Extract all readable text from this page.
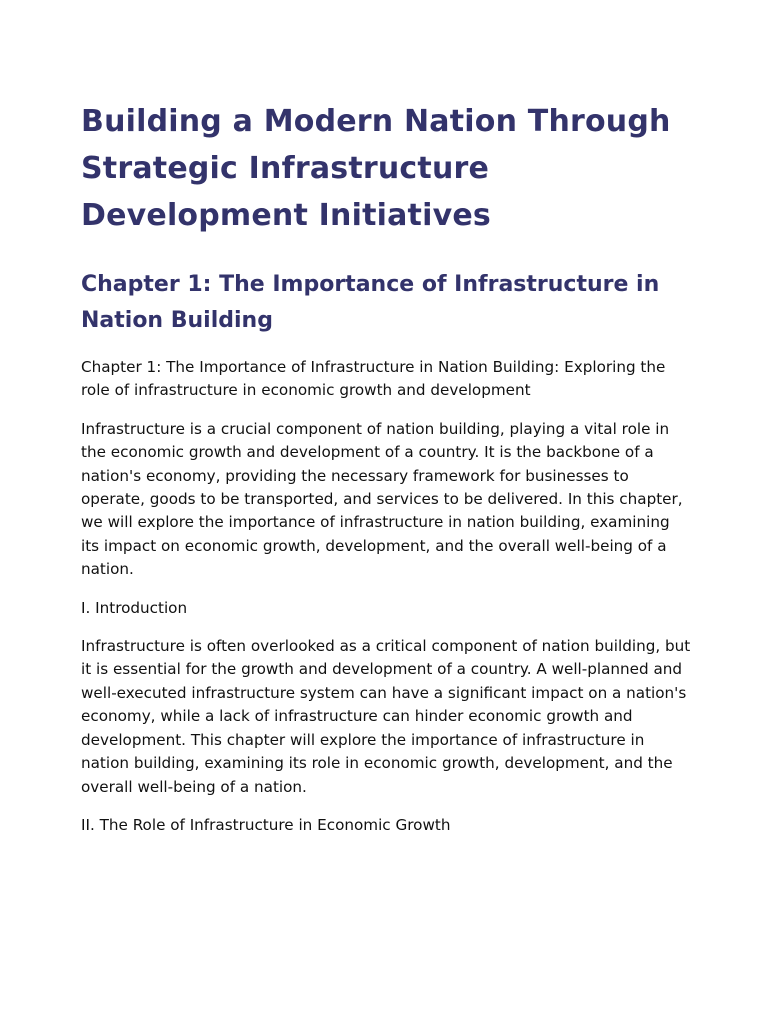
Building a Modern Nation Through Strategic Infrastructure Development Initiatives
Chapter 1: The Importance of Infrastructure in Nation Building

Chapter 1: The Importance of Infrastructure in Nation Building: Exploring the role of infrastructure in economic growth and development

Infrastructure is a crucial component of nation building, playing a vital role in the economic growth and development of a country. It is the backbone of a nation's economy, providing the necessary framework for businesses to operate, goods to be transported, and services to be delivered. In this chapter, we will explore the importance of infrastructure in nation building, examining its impact on economic growth, development, and the overall well-being of a nation.

I. Introduction

Infrastructure is often overlooked as a critical component of nation building, but it is essential for the growth and development of a country. A well-planned and well-executed infrastructure system can have a significant impact on a nation's economy, while a lack of infrastructure can hinder economic growth and development. This chapter will explore the importance of infrastructure in nation building, examining its role in economic growth, development, and the overall well-being of a nation.

II. The Role of Infrastructure in Economic Growth
